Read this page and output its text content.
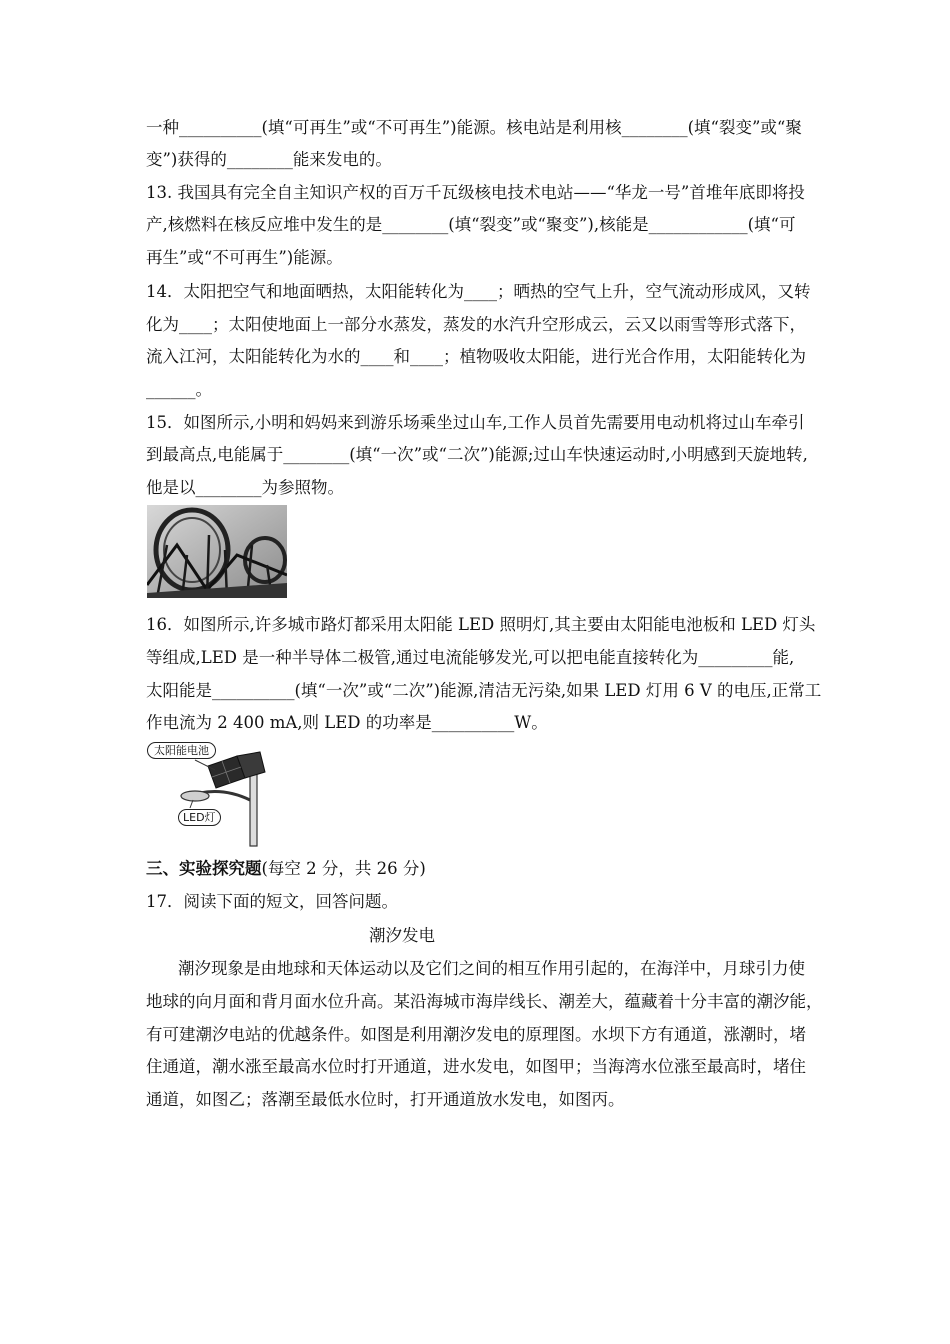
一种__________(填“可再生”或“不可再生”)能源。核电站是利用核________(填“裂变”或“聚
变”)获得的________能来发电的。
13. 我国具有完全自主知识产权的百万千瓦级核电技术电站——“华龙一号”首堆年底即将投
产,核燃料在核反应堆中发生的是________(填“裂变”或“聚变”),核能是____________(填“可
再生”或“不可再生”)能源。
14．太阳把空气和地面晒热，太阳能转化为____；晒热的空气上升，空气流动形成风，又转
化为____；太阳使地面上一部分水蒸发，蒸发的水汽升空形成云，云又以雨雪等形式落下，
流入江河，太阳能转化为水的____和____；植物吸收太阳能，进行光合作用，太阳能转化为
______。
15．如图所示,小明和妈妈来到游乐场乘坐过山车,工作人员首先需要用电动机将过山车牵引
到最高点,电能属于________(填“一次”或“二次”)能源;过山车快速运动时,小明感到天旋地转,
他是以________为参照物。
16．如图所示,许多城市路灯都采用太阳能 LED 照明灯,其主要由太阳能电池板和 LED 灯头
等组成,LED 是一种半导体二极管,通过电流能够发光,可以把电能直接转化为_________能,
太阳能是__________(填“一次”或“二次”)能源,清洁无污染,如果 LED 灯用 6 V 的电压,正常工
作电流为 2 400 mA,则 LED 的功率是__________W。
太阳能电池
LED灯
三、实验探究题(每空 2 分，共 26 分)
17．阅读下面的短文，回答问题。
潮汐发电
潮汐现象是由地球和天体运动以及它们之间的相互作用引起的，在海洋中，月球引力使
地球的向月面和背月面水位升高。某沿海城市海岸线长、潮差大，蕴藏着十分丰富的潮汐能，
有可建潮汐电站的优越条件。如图是利用潮汐发电的原理图。水坝下方有通道，涨潮时，堵
住通道，潮水涨至最高水位时打开通道，进水发电，如图甲；当海湾水位涨至最高时，堵住
通道，如图乙；落潮至最低水位时，打开通道放水发电，如图丙。
